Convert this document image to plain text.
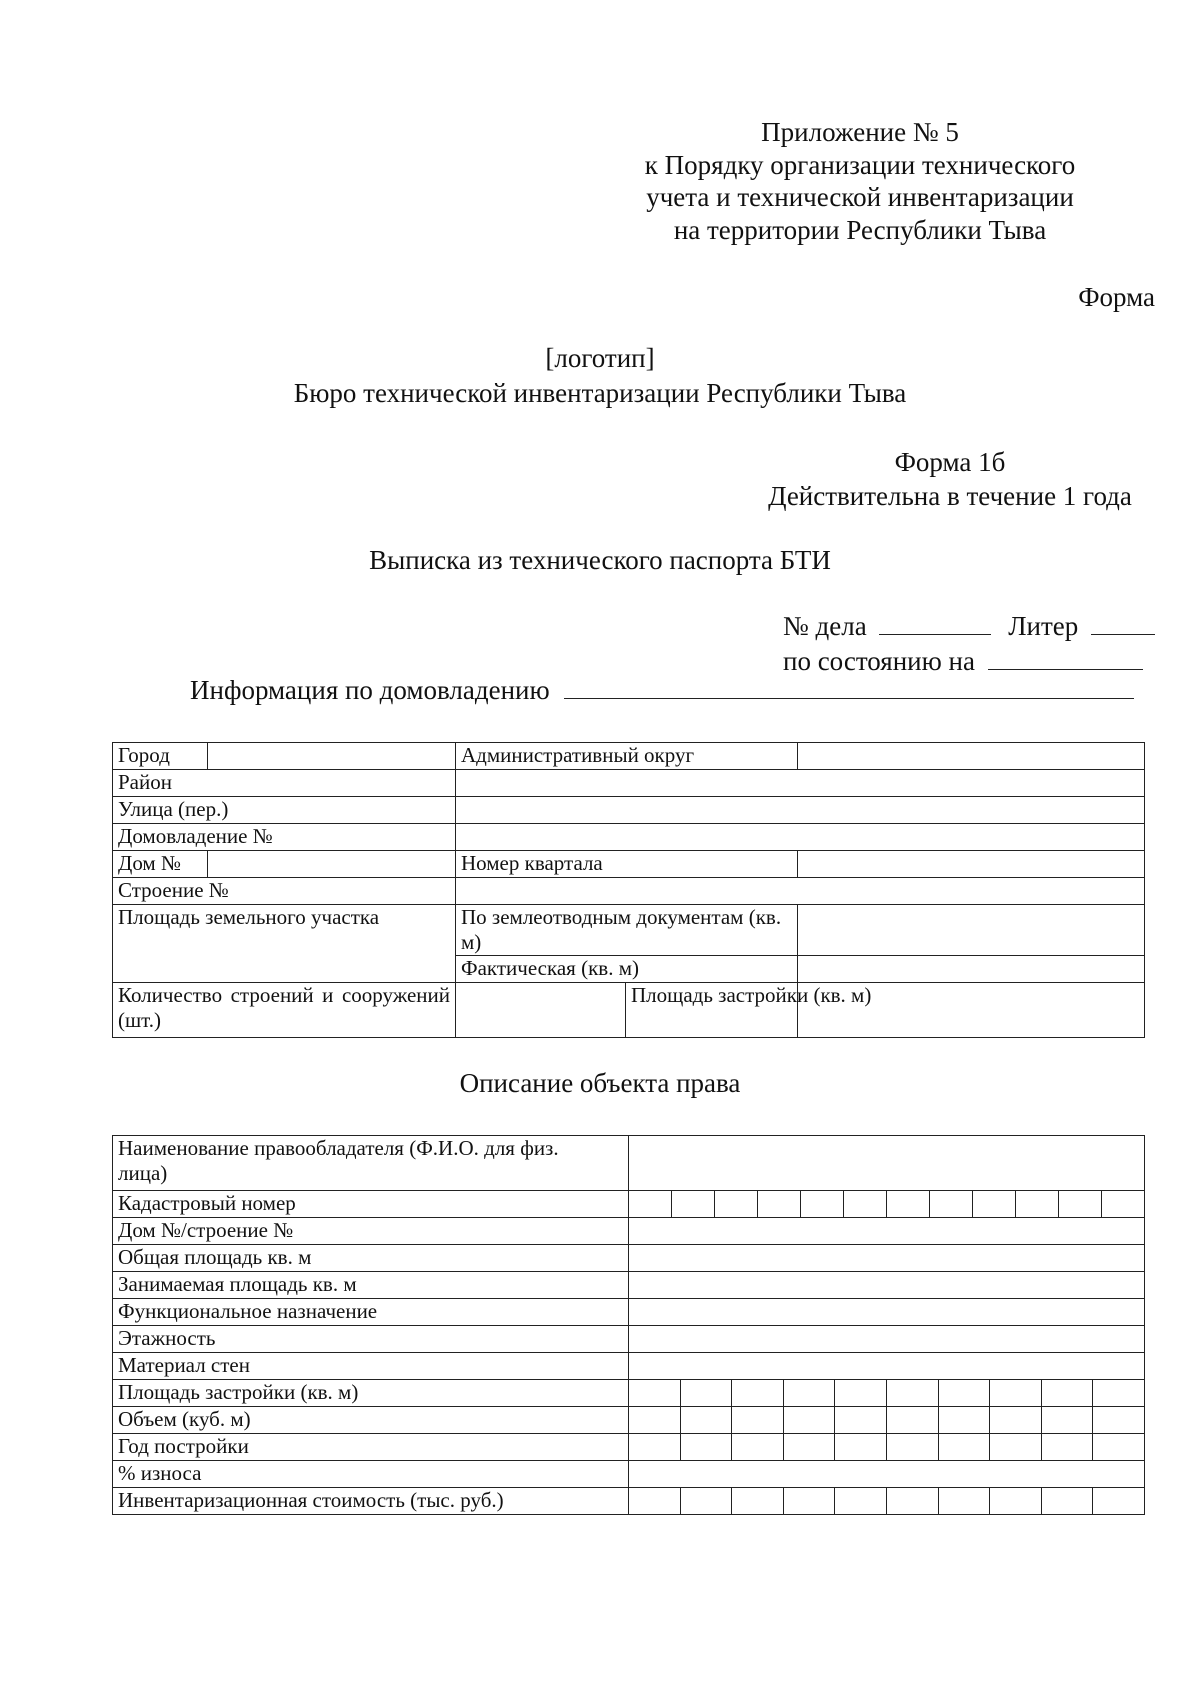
Приложение № 5
к Порядку организации технического
учета и технической инвентаризации
на территории Республики Тыва
Форма
[логотип]
Бюро технической инвентаризации Республики Тыва
Форма 1б
Действительна в течение 1 года
Выписка из технического паспорта БТИ
№ дела	Литер
по состоянию на
Информация по домовладению
Город		Административный округ		
Район				
Улица (пер.)				
Домовладение №				
Дом №		Номер квартала		
Строение №				
Площадь земельного участка		По землеотводным документам (кв. м)		
		Фактическая (кв. м)		
Количество строений и сооружений (шт.)			Площадь застройки (кв. м)	
Описание объекта права
Наименование правообладателя (Ф.И.О. для физ. лица)	
Кадастровый номер	

Дом №/строение №	
Общая площадь кв. м	
Занимаемая площадь кв. м	
Функциональное назначение	
Этажность	
Материал стен	
Площадь застройки (кв. м)	

Объем (куб. м)	

Год постройки	

% износа	
Инвентаризационная стоимость (тыс. руб.)	
